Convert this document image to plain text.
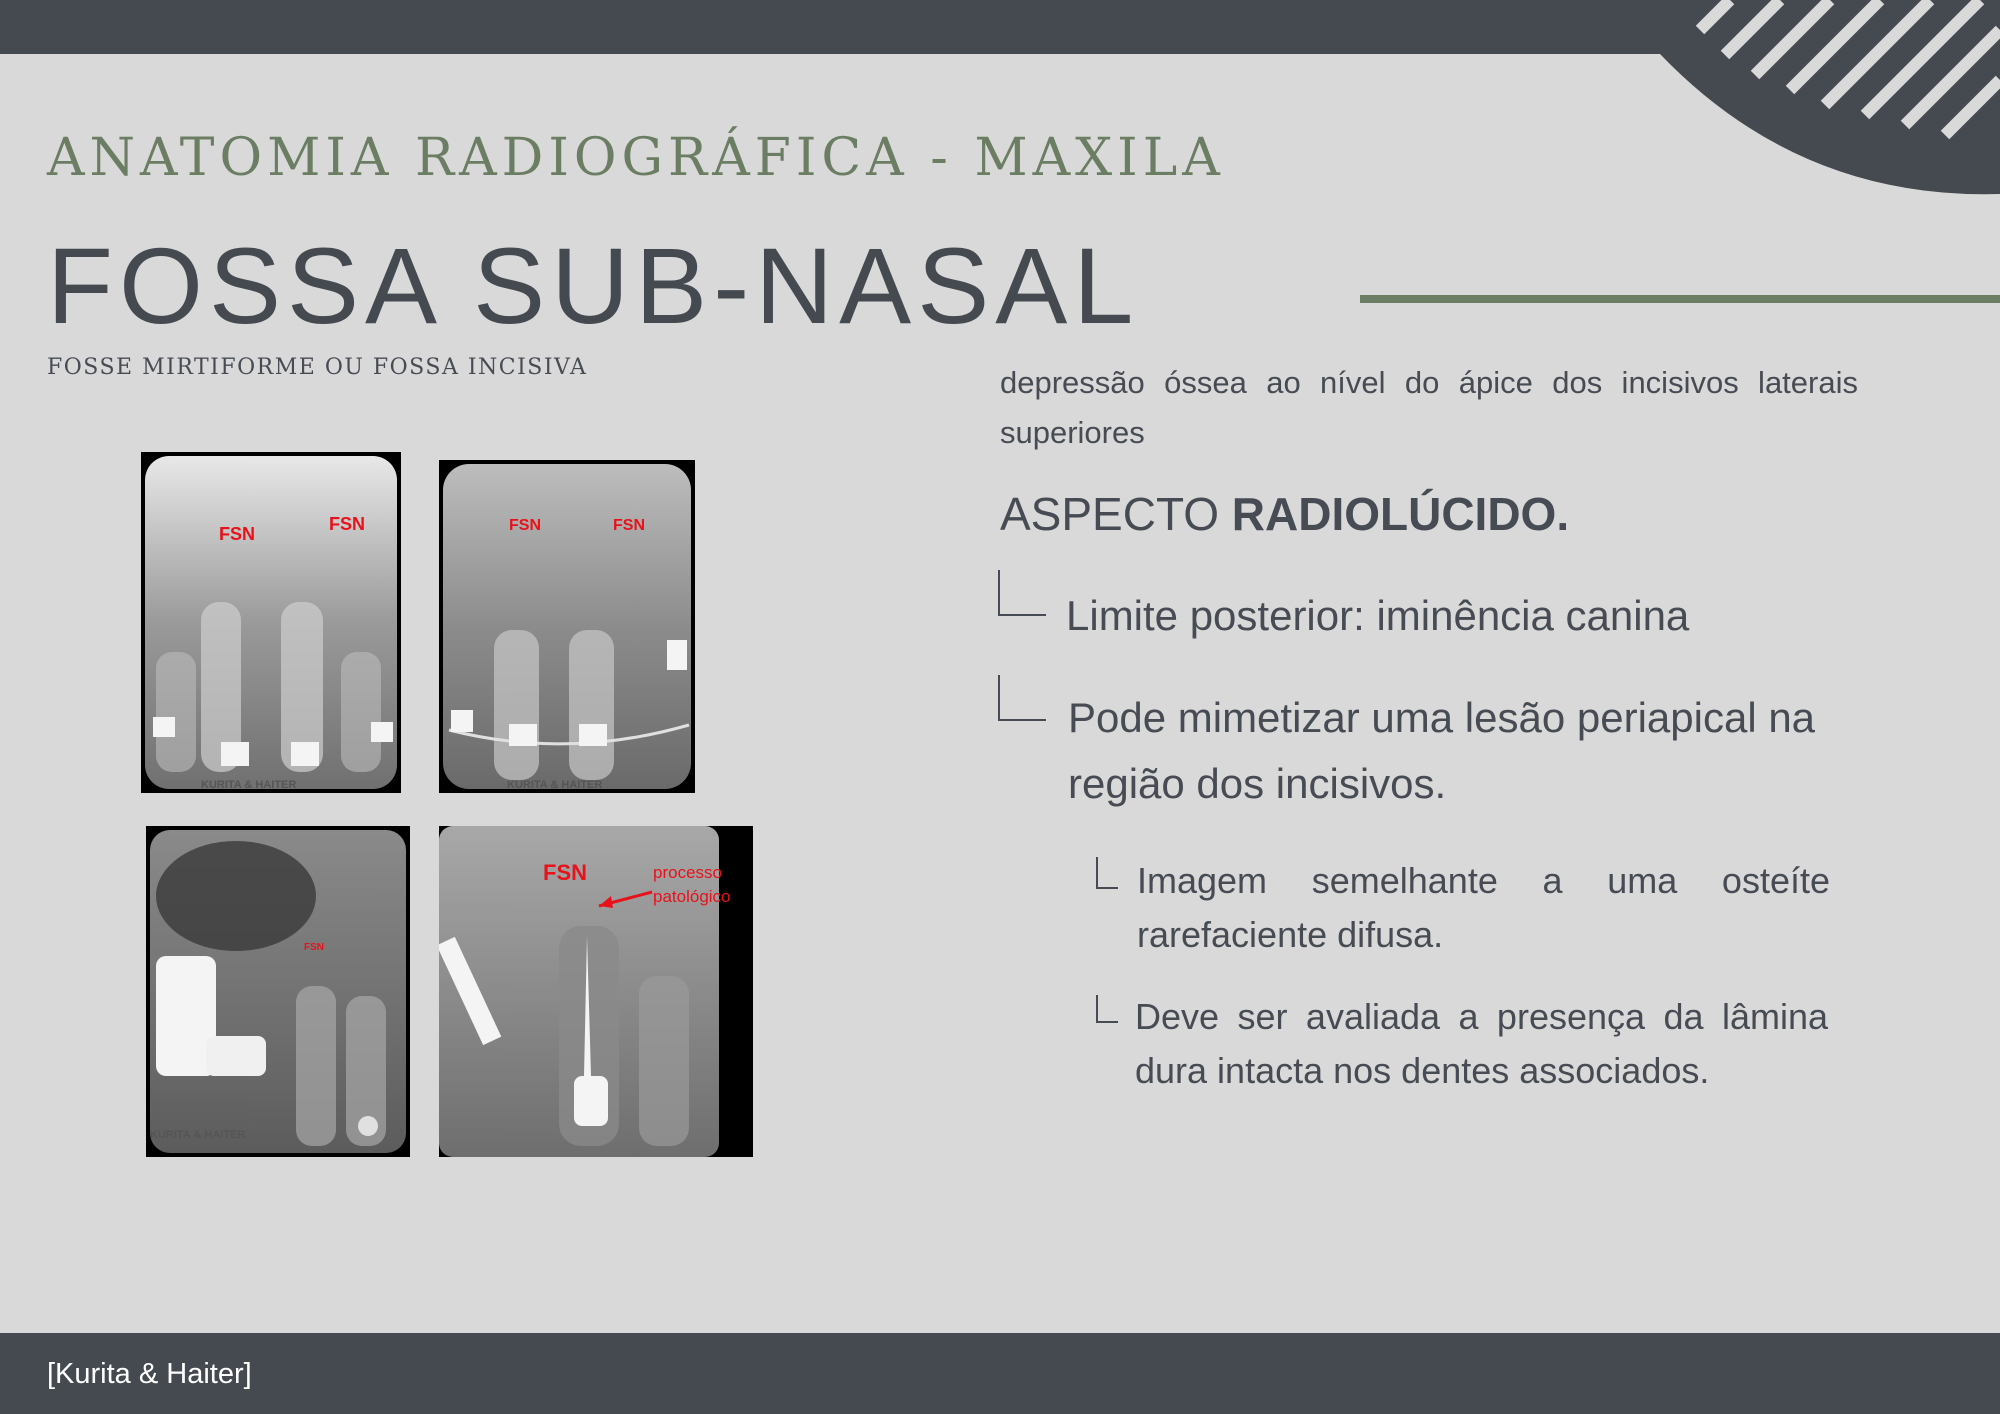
ANATOMIA RADIOGRÁFICA - MAXILA
FOSSA SUB-NASAL
FOSSE MIRTIFORME OU FOSSA INCISIVA
FSN	FSN
KURITA & HAITER
FSN	FSN
KURITA & HAITER
FSN
KURITA & HAITER
FSN	processo
patológico
depressão óssea ao nível do ápice dos incisivos laterais superiores
ASPECTO RADIOLÚCIDO.
Limite posterior: iminência canina
Pode mimetizar uma lesão periapical na região dos incisivos.
Imagem semelhante a uma osteíte
rarefaciente difusa.
Deve ser avaliada a presença da lâmina dura intacta nos dentes associados.
[Kurita & Haiter]
